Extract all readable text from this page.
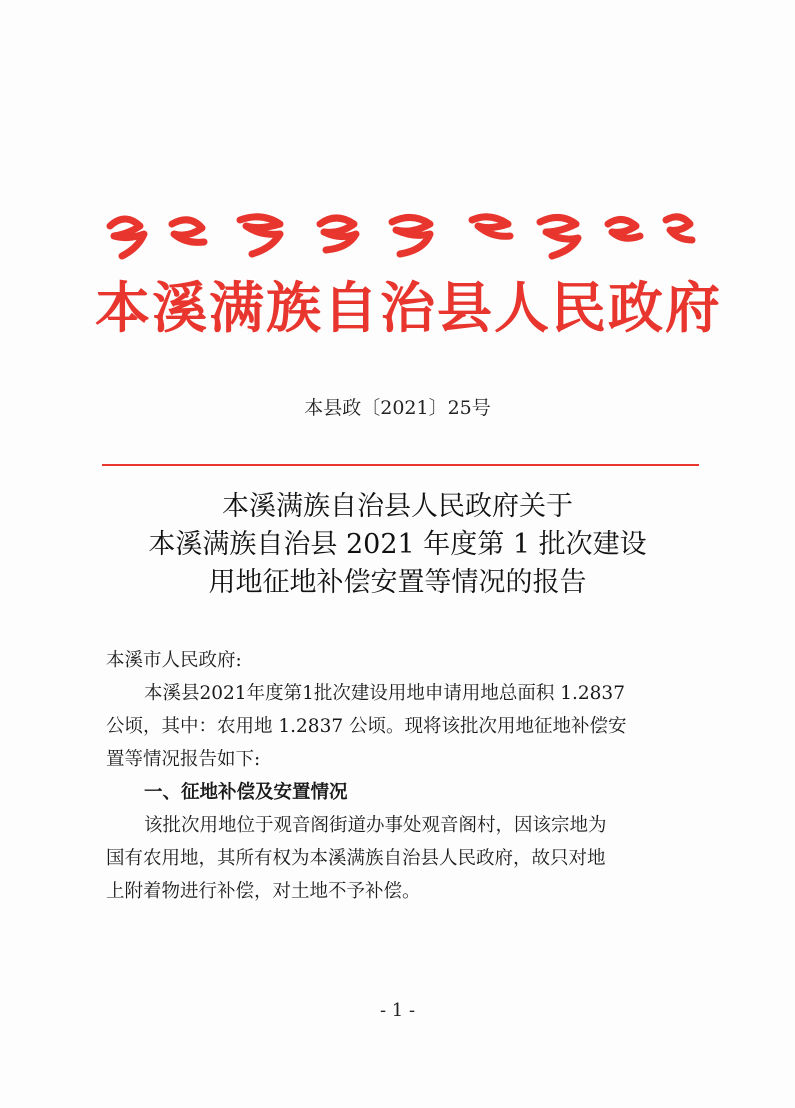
本溪满族自治县人民政府
本县政〔2021〕25号
本溪满族自治县人民政府关于
本溪满族自治县 2021 年度第 1 批次建设
用地征地补偿安置等情况的报告
本溪市人民政府:
本溪县2021年度第1批次建设用地申请用地总面积 1.2837
公顷，其中：农用地 1.2837 公顷。现将该批次用地征地补偿安
置等情况报告如下:
一、征地补偿及安置情况
该批次用地位于观音阁街道办事处观音阁村，因该宗地为
国有农用地，其所有权为本溪满族自治县人民政府，故只对地
上附着物进行补偿，对土地不予补偿。
- 1 -
